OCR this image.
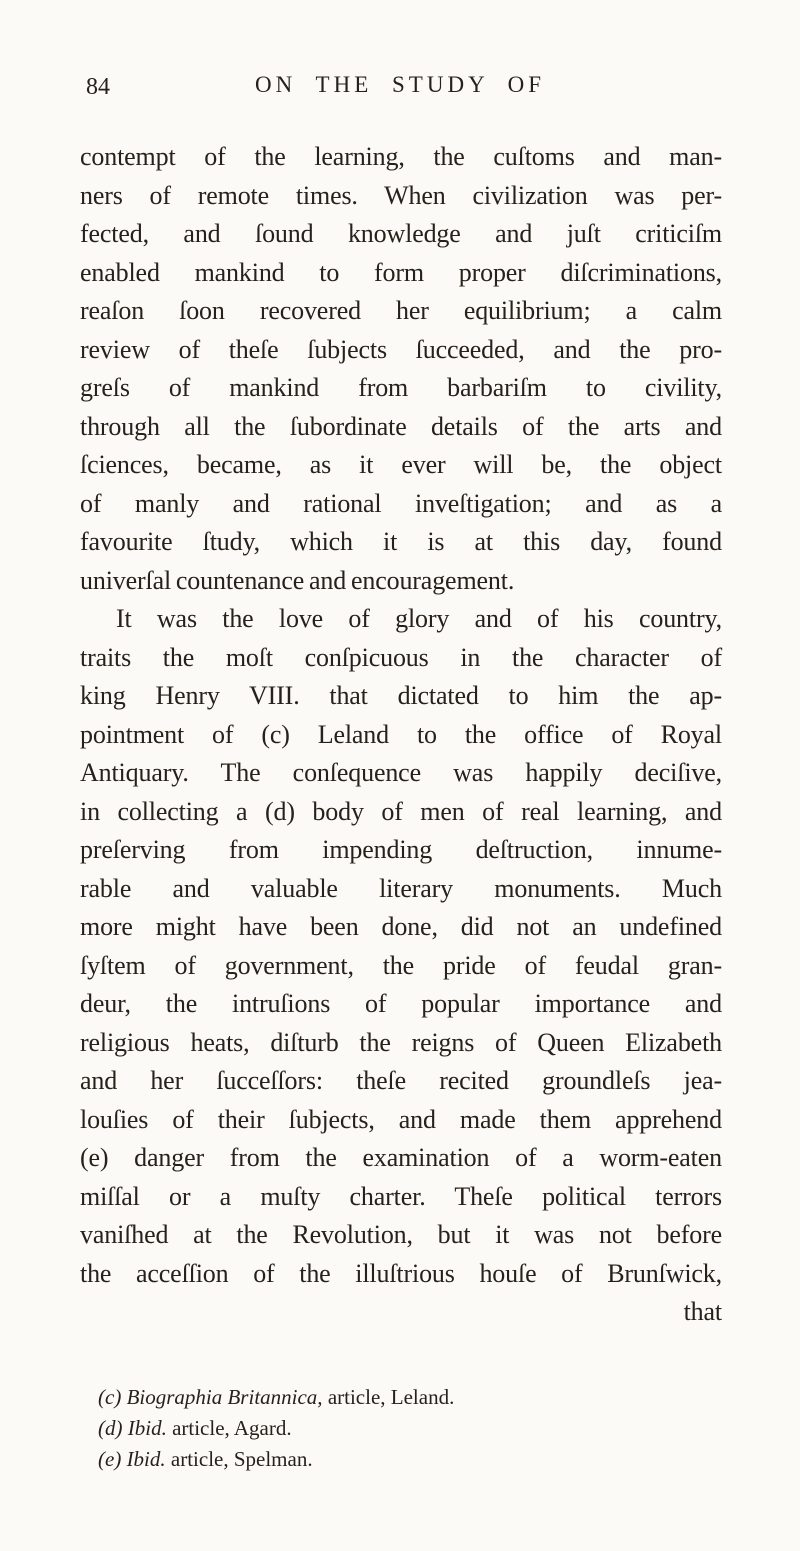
84	ON THE STUDY OF
contempt of the learning, the cuſtoms and man-
ners of remote times. When civilization was per-
fected, and ſound knowledge and juſt criticiſm
enabled mankind to form proper diſcriminations,
reaſon ſoon recovered her equilibrium; a calm
review of theſe ſubjects ſucceeded, and the pro-
greſs of mankind from barbariſm to civility,
through all the ſubordinate details of the arts and
ſciences, became, as it ever will be, the object
of manly and rational inveſtigation; and as a
favourite ſtudy, which it is at this day, found
univerſal countenance and encouragement.
It was the love of glory and of his country,
traits the moſt conſpicuous in the character of
king Henry VIII. that dictated to him the ap-
pointment of (c) Leland to the office of Royal
Antiquary. The conſequence was happily deciſive,
in collecting a (d) body of men of real learning, and
preſerving from impending deſtruction, innume-
rable and valuable literary monuments. Much
more might have been done, did not an undefined
ſyſtem of government, the pride of feudal gran-
deur, the intruſions of popular importance and
religious heats, diſturb the reigns of Queen Elizabeth
and her ſucceſſors: theſe recited groundleſs jea-
louſies of their ſubjects, and made them apprehend
(e) danger from the examination of a worm-eaten
miſſal or a muſty charter. Theſe political terrors
vaniſhed at the Revolution, but it was not before
the acceſſion of the illuſtrious houſe of Brunſwick,
that
(c) Biographia Britannica, article, Leland.
(d) Ibid. article, Agard.
(e) Ibid. article, Spelman.
